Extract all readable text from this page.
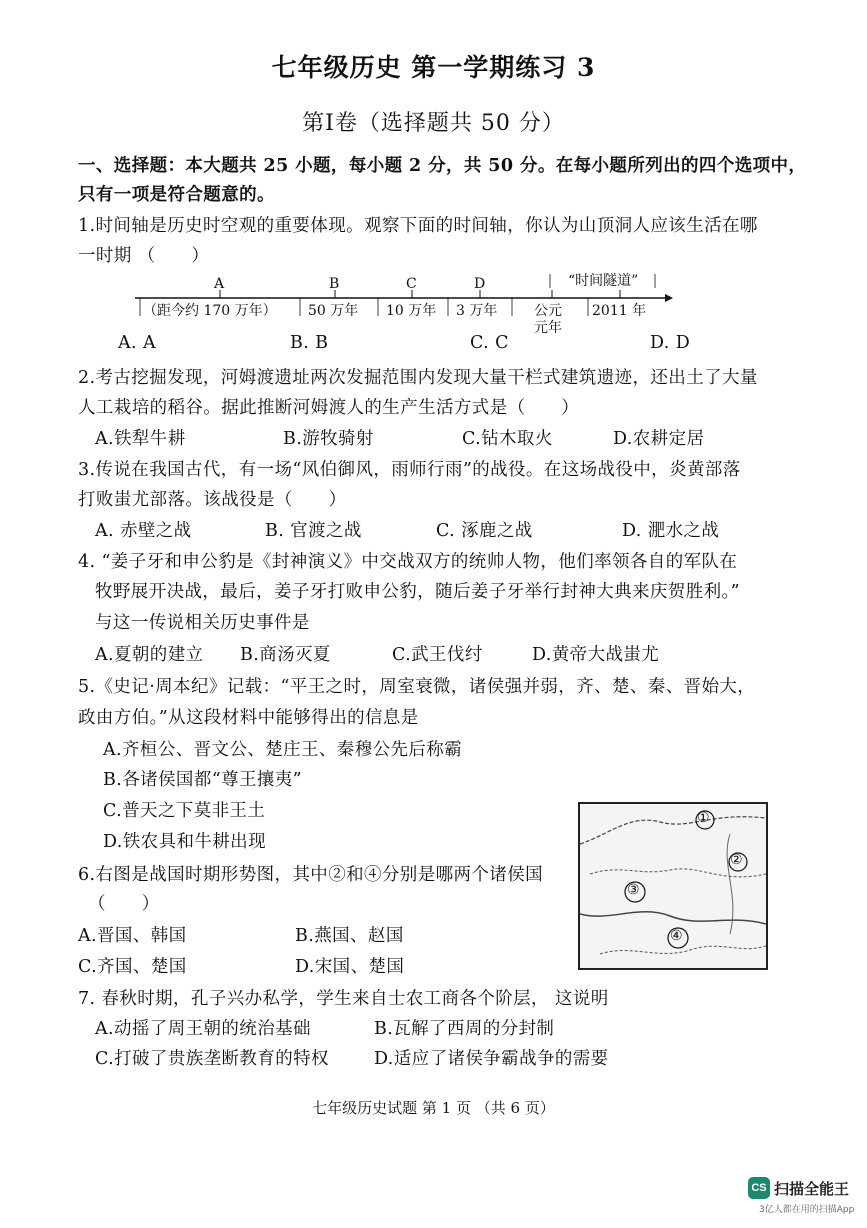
七年级历史 第一学期练习 3
第Ⅰ卷（选择题共 50 分）
一、选择题：本大题共 25 小题，每小题 2 分，共 50 分。在每小题所列出的四个选项中，
只有一项是符合题意的。
1.时间轴是历史时空观的重要体现。观察下面的时间轴，你认为山顶洞人应该生活在哪
一时期 （　　）
A	B	C	D	“时间隧道”
（距今约 170 万年） 50 万年 10 万年 3 万年	公元
元年
2011 年
A. A	B. B	C. C	D. D
2.考古挖掘发现，河姆渡遗址两次发掘范围内发现大量干栏式建筑遗迹，还出土了大量
人工栽培的稻谷。据此推断河姆渡人的生产生活方式是（　　）
A.铁犁牛耕	B.游牧骑射	C.钻木取火	D.农耕定居
3.传说在我国古代，有一场“风伯御风，雨师行雨”的战役。在这场战役中，炎黄部落
打败蚩尤部落。该战役是（　　）
A. 赤壁之战	B. 官渡之战	C. 涿鹿之战	D. 淝水之战
4. “姜子牙和申公豹是《封神演义》中交战双方的统帅人物，他们率领各自的军队在
牧野展开决战，最后，姜子牙打败申公豹，随后姜子牙举行封神大典来庆贺胜利。”
与这一传说相关历史事件是
A.夏朝的建立 B.商汤灭夏	C.武王伐纣	D.黄帝大战蚩尤
5.《史记·周本纪》记载：“平王之时，周室衰微，诸侯强并弱，齐、楚、秦、晋始大，
政由方伯。”从这段材料中能够得出的信息是
A.齐桓公、晋文公、楚庄王、秦穆公先后称霸
B.各诸侯国都“尊王攘夷”
C.普天之下莫非王土
D.铁农具和牛耕出现
①
②
③
④
6.右图是战国时期形势图，其中②和④分别是哪两个诸侯国
（　　）
A.晋国、韩国	B.燕国、赵国
C.齐国、楚国	D.宋国、楚国
7. 春秋时期，孔子兴办私学，学生来自士农工商各个阶层， 这说明
A.动摇了周王朝的统治基础	B.瓦解了西周的分封制
C.打破了贵族垄断教育的特权	D.适应了诸侯争霸战争的需要
七年级历史试题 第 1 页 （共 6 页）
CS 扫描全能王
3亿人都在用的扫描App
